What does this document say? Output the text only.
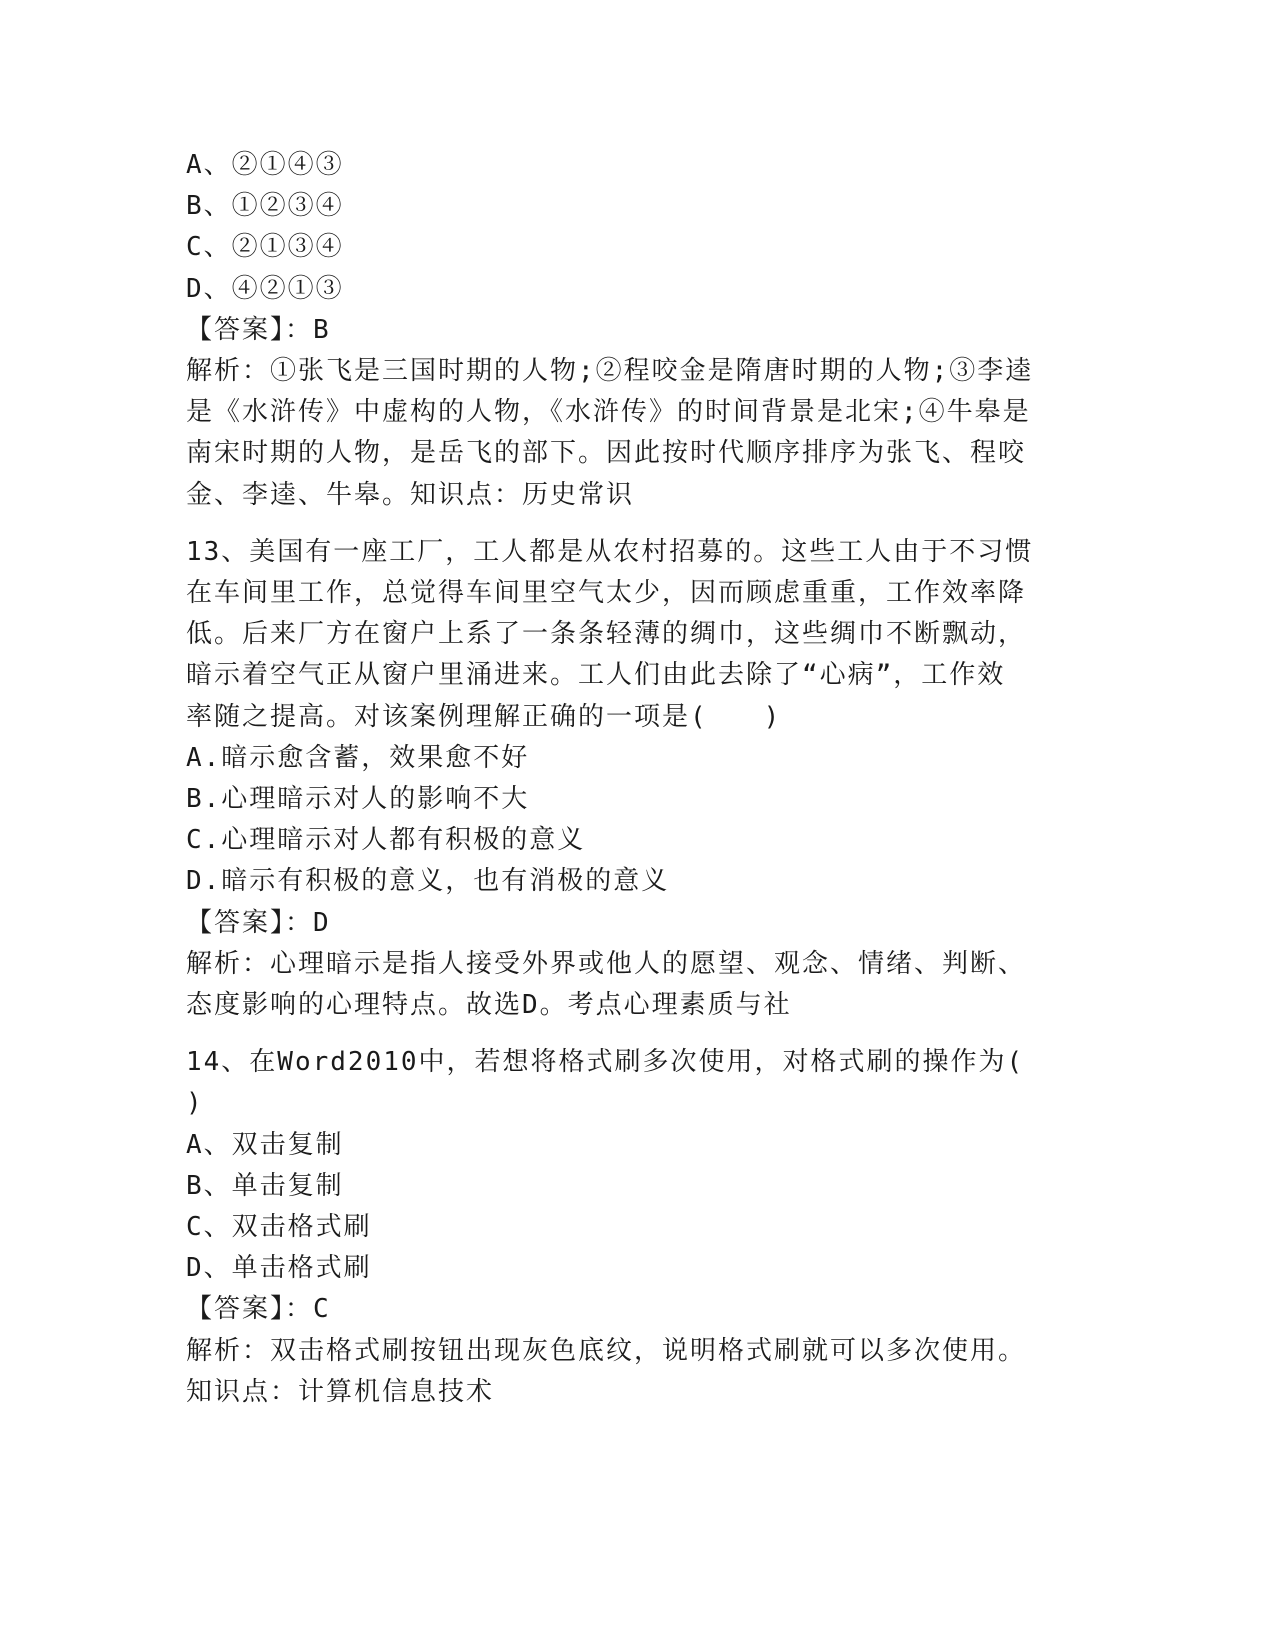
A、②①④③
B、①②③④
C、②①③④
D、④②①③
【答案】：B
解析：①张飞是三国时期的人物;②程咬金是隋唐时期的人物;③李逵
是《水浒传》中虚构的人物，《水浒传》的时间背景是北宋;④牛皋是
南宋时期的人物，是岳飞的部下。因此按时代顺序排序为张飞、程咬
金、李逵、牛皋。知识点：历史常识
13、美国有一座工厂，工人都是从农村招募的。这些工人由于不习惯
在车间里工作，总觉得车间里空气太少，因而顾虑重重，工作效率降
低。后来厂方在窗户上系了一条条轻薄的绸巾，这些绸巾不断飘动，
暗示着空气正从窗户里涌进来。工人们由此去除了“心病”，工作效
率随之提高。对该案例理解正确的一项是(　　)
A.暗示愈含蓄，效果愈不好
B.心理暗示对人的影响不大
C.心理暗示对人都有积极的意义
D.暗示有积极的意义，也有消极的意义
【答案】：D
解析：心理暗示是指人接受外界或他人的愿望、观念、情绪、判断、
态度影响的心理特点。故选D。考点心理素质与社
14、在Word2010中，若想将格式刷多次使用，对格式刷的操作为(
)
A、双击复制
B、单击复制
C、双击格式刷
D、单击格式刷
【答案】：C
解析：双击格式刷按钮出现灰色底纹，说明格式刷就可以多次使用。
知识点：计算机信息技术
